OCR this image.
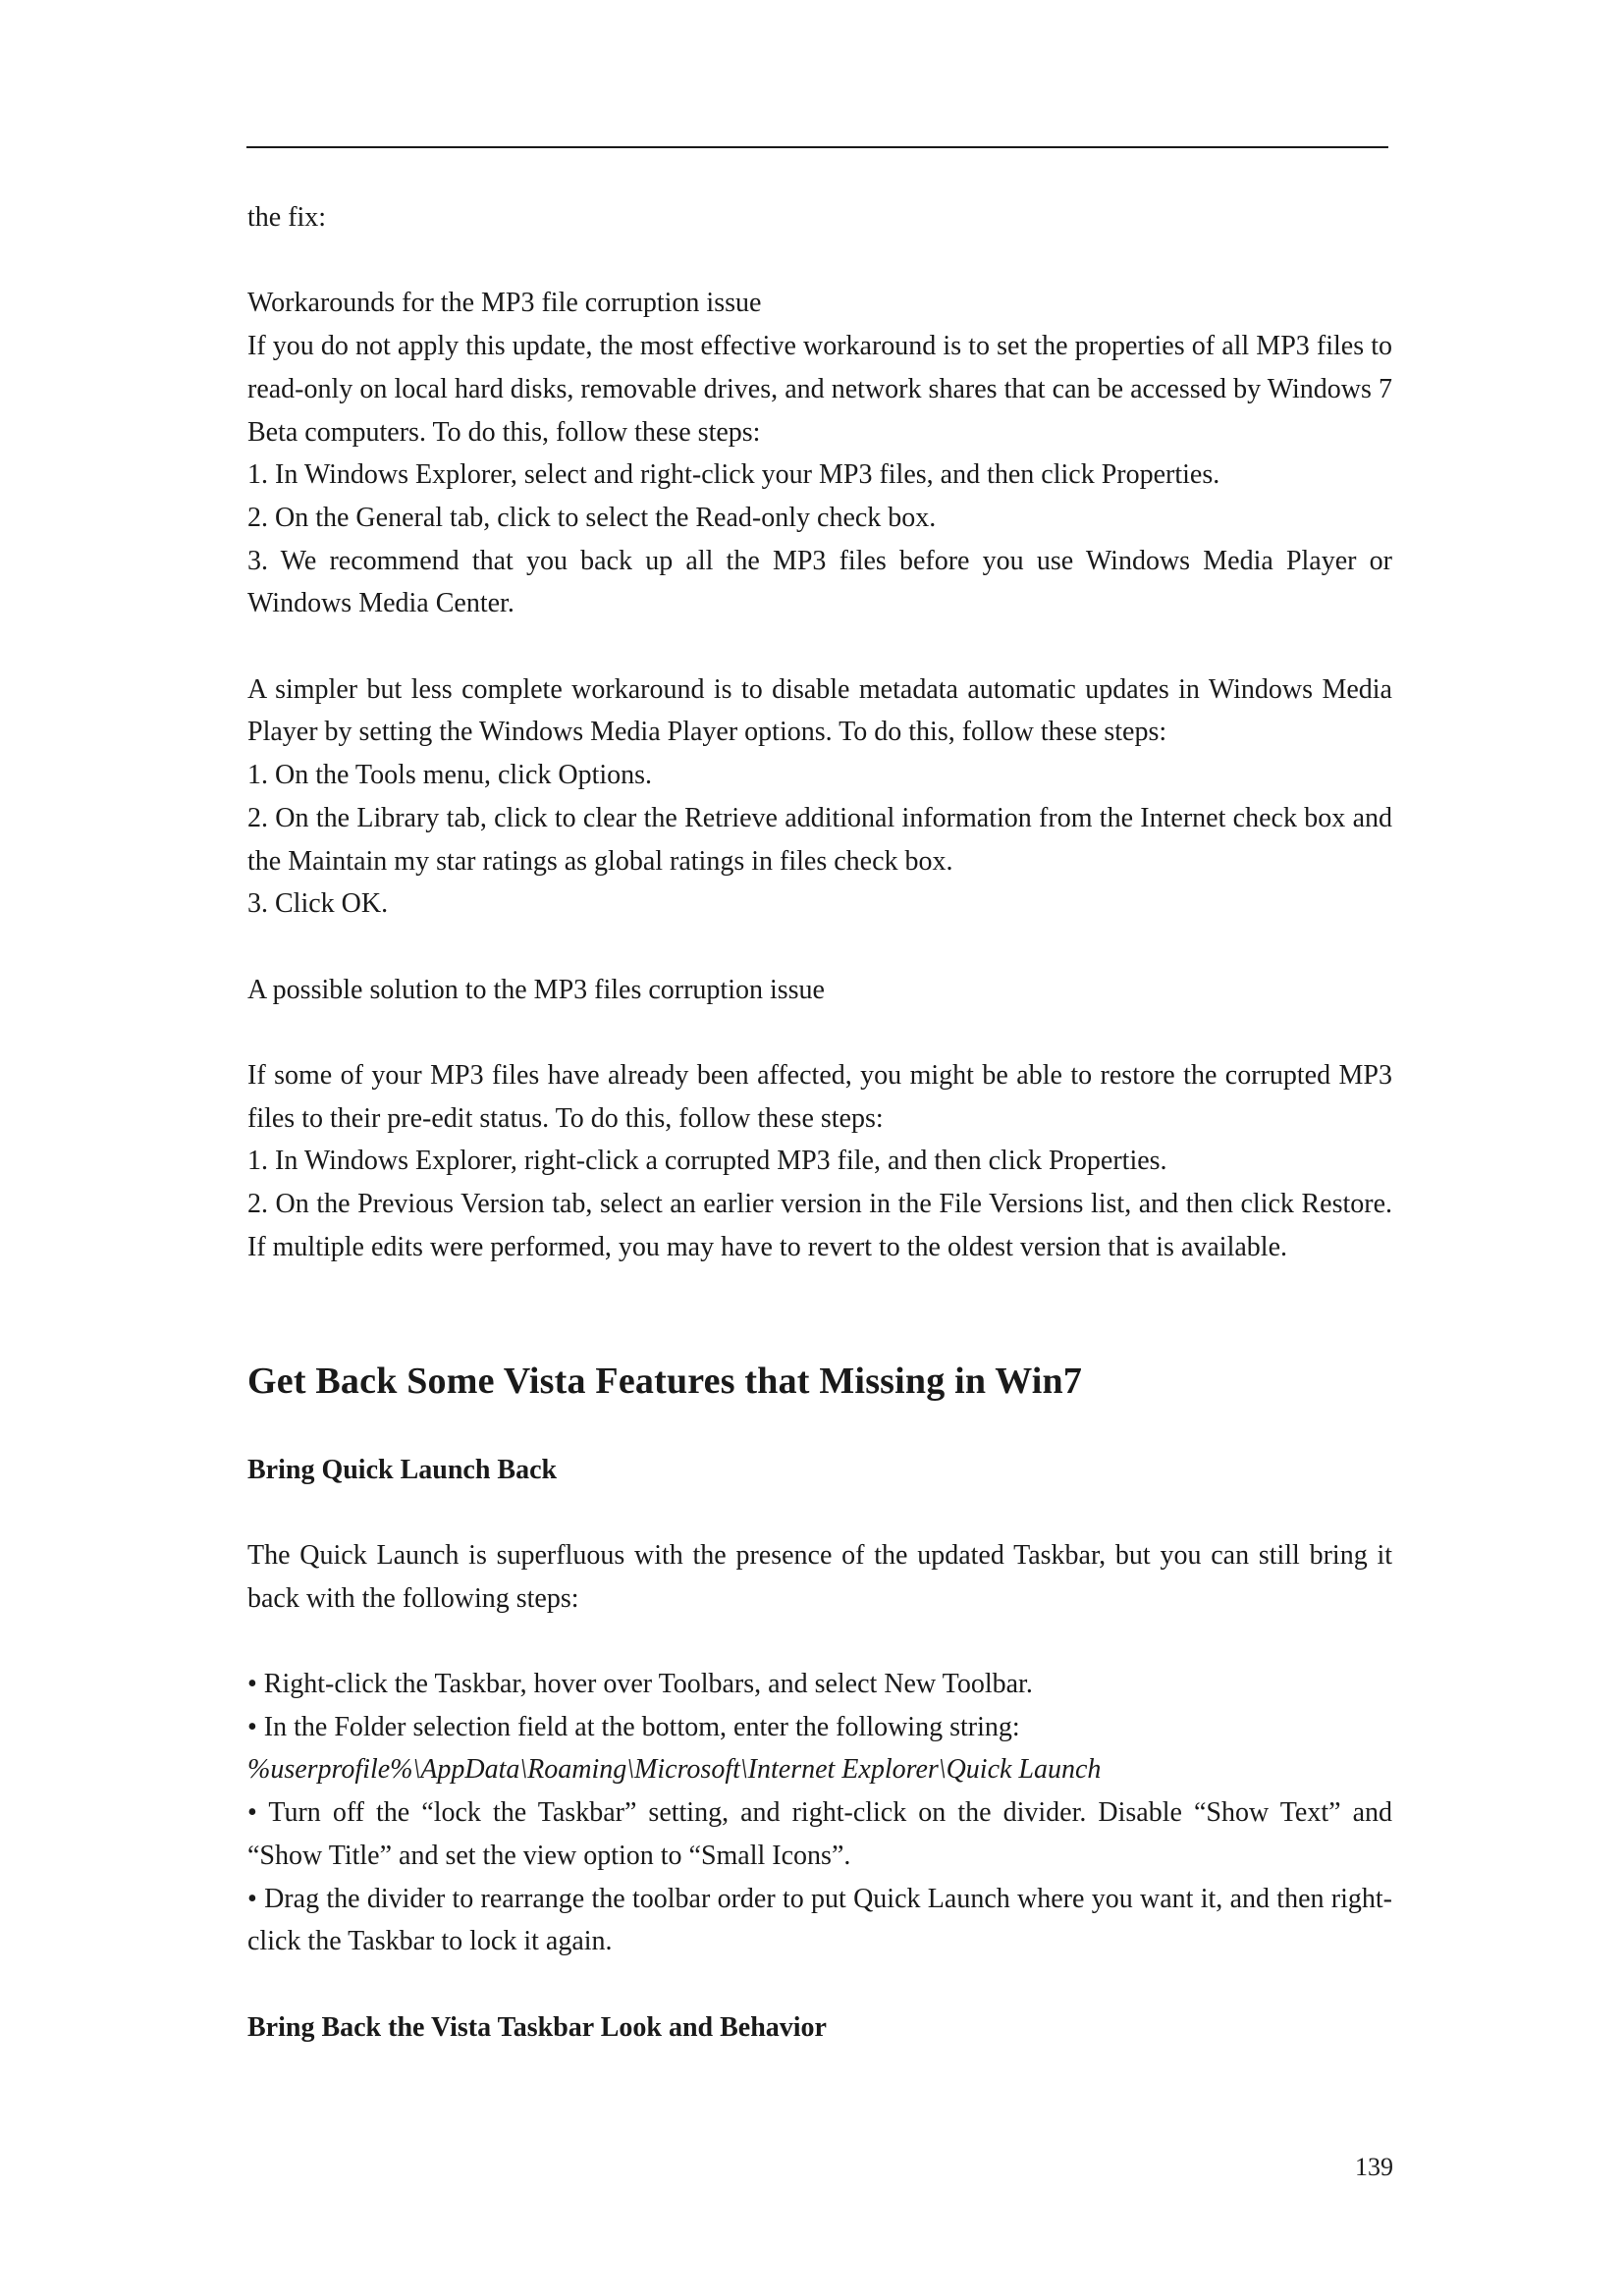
the fix:

Workarounds for the MP3 file corruption issue

If you do not apply this update, the most effective workaround is to set the properties of all MP3 files to read-only on local hard disks, removable drives, and network shares that can be accessed by Windows 7 Beta computers. To do this, follow these steps:

1. In Windows Explorer, select and right-click your MP3 files, and then click Properties.

2. On the General tab, click to select the Read-only check box.

3. We recommend that you back up all the MP3 files before you use Windows Media Player or Windows Media Center.

A simpler but less complete workaround is to disable metadata automatic updates in Windows Media Player by setting the Windows Media Player options. To do this, follow these steps:

1. On the Tools menu, click Options.

2. On the Library tab, click to clear the Retrieve additional information from the Internet check box and the Maintain my star ratings as global ratings in files check box.

3. Click OK.

A possible solution to the MP3 files corruption issue

If some of your MP3 files have already been affected, you might be able to restore the corrupted MP3 files to their pre-edit status. To do this, follow these steps:

1. In Windows Explorer, right-click a corrupted MP3 file, and then click Properties.

2. On the Previous Version tab, select an earlier version in the File Versions list, and then click Restore. If multiple edits were performed, you may have to revert to the oldest version that is available.

Get Back Some Vista Features that Missing in Win7
Bring Quick Launch Back

The Quick Launch is superfluous with the presence of the updated Taskbar, but you can still bring it back with the following steps:

• Right-click the Taskbar, hover over Toolbars, and select New Toolbar.

• In the Folder selection field at the bottom, enter the following string:

%userprofile%\AppData\Roaming\Microsoft\Internet Explorer\Quick Launch

• Turn off the “lock the Taskbar” setting, and right-click on the divider. Disable “Show Text” and “Show Title” and set the view option to “Small Icons”.

• Drag the divider to rearrange the toolbar order to put Quick Launch where you want it, and then right-click the Taskbar to lock it again.

Bring Back the Vista Taskbar Look and Behavior
139
